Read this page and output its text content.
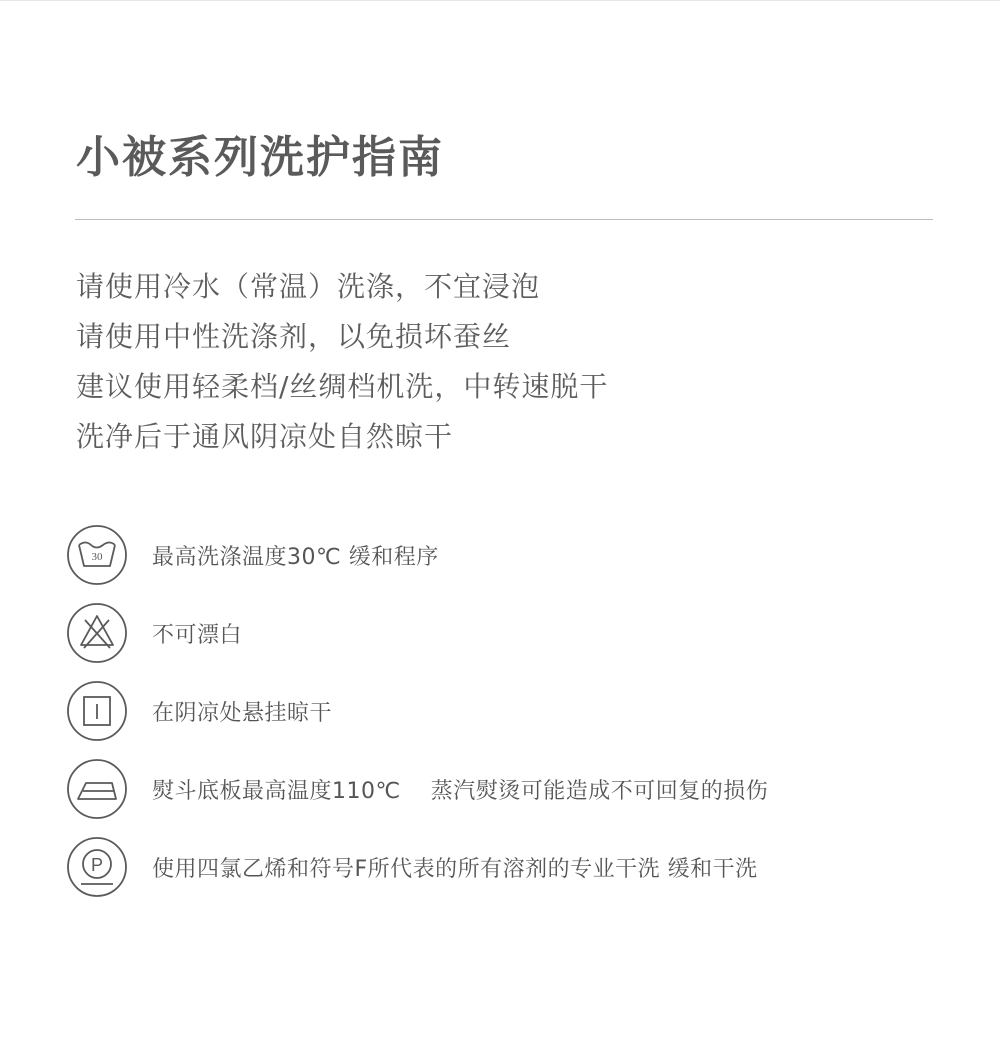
小被系列洗护指南
请使用冷水（常温）洗涤，不宜浸泡
请使用中性洗涤剂，以免损坏蚕丝
建议使用轻柔档/丝绸档机洗，中转速脱干
洗净后于通风阴凉处自然晾干
30 最高洗涤温度30℃ 缓和程序
不可漂白
在阴凉处悬挂晾干
熨斗底板最高温度110℃　 蒸汽熨烫可能造成不可回复的损伤
P 使用四氯乙烯和符号F所代表的所有溶剂的专业干洗 缓和干洗
